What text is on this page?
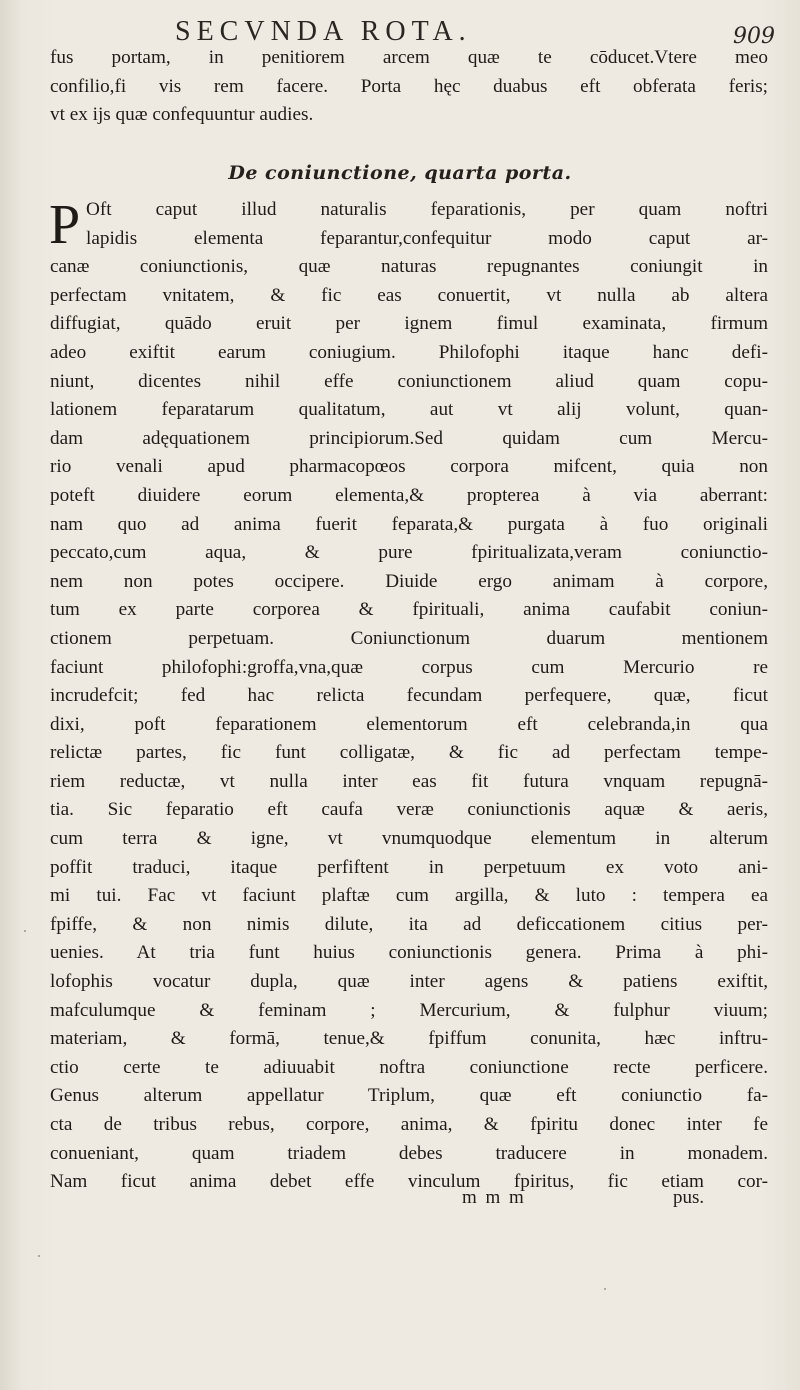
SECVNDA ROTA.	909
fus portam, in penitiorem arcem quæ te cōducet.Vtere meo
confilio,fi vis rem facere. Porta hęc duabus eft obferata feris;
vt ex ijs quæ confequuntur audies.
De coniunctione, quarta porta.
P Oft caput illud naturalis feparationis, per quam noftri
lapidis elementa feparantur,confequitur modo caput ar-
canæ coniunctionis, quæ naturas repugnantes coniungit in
perfectam vnitatem, & fic eas conuertit, vt nulla ab altera
diffugiat, quādo eruit per ignem fimul examinata, firmum
adeo exiftit earum coniugium. Philofophi itaque hanc defi-
niunt, dicentes nihil effe coniunctionem aliud quam copu-
lationem feparatarum qualitatum, aut vt alij volunt, quan-
dam adęquationem principiorum.Sed quidam cum Mercu-
rio venali apud pharmacopœos corpora mifcent, quia non
poteft diuidere eorum elementa,& propterea à via aberrant:
nam quo ad anima fuerit feparata,& purgata à fuo originali
peccato,cum aqua, & pure fpiritualizata,veram coniunctio-
nem non potes occipere. Diuide ergo animam à corpore,
tum ex parte corporea & fpirituali, anima caufabit coniun-
ctionem perpetuam. Coniunctionum duarum mentionem
faciunt philofophi:groffa,vna,quæ corpus cum Mercurio re
incrudefcit; fed hac relicta fecundam perfequere, quæ, ficut
dixi, poft feparationem elementorum eft celebranda,in qua
relictæ partes, fic funt colligatæ, & fic ad perfectam tempe-
riem reductæ, vt nulla inter eas fit futura vnquam repugnā-
tia. Sic feparatio eft caufa veræ coniunctionis aquæ & aeris,
cum terra & igne, vt vnumquodque elementum in alterum
poffit traduci, itaque perfiftent in perpetuum ex voto ani-
mi tui. Fac vt faciunt plaftæ cum argilla, & luto : tempera ea
fpiffe, & non nimis dilute, ita ad deficcationem citius per-
uenies. At tria funt huius coniunctionis genera. Prima à phi-
lofophis vocatur dupla, quæ inter agens & patiens exiftit,
mafculumque & feminam ; Mercurium, & fulphur viuum;
materiam, & formā, tenue,& fpiffum conunita, hæc inftru-
ctio certe te adiuuabit noftra coniunctione recte perficere.
Genus alterum appellatur Triplum, quæ eft coniunctio fa-
cta de tribus rebus, corpore, anima, & fpiritu donec inter fe
conueniant, quam triadem debes traducere in monadem.
Nam ficut anima debet effe vinculum fpiritus, fic etiam cor-
m m m	pus.
